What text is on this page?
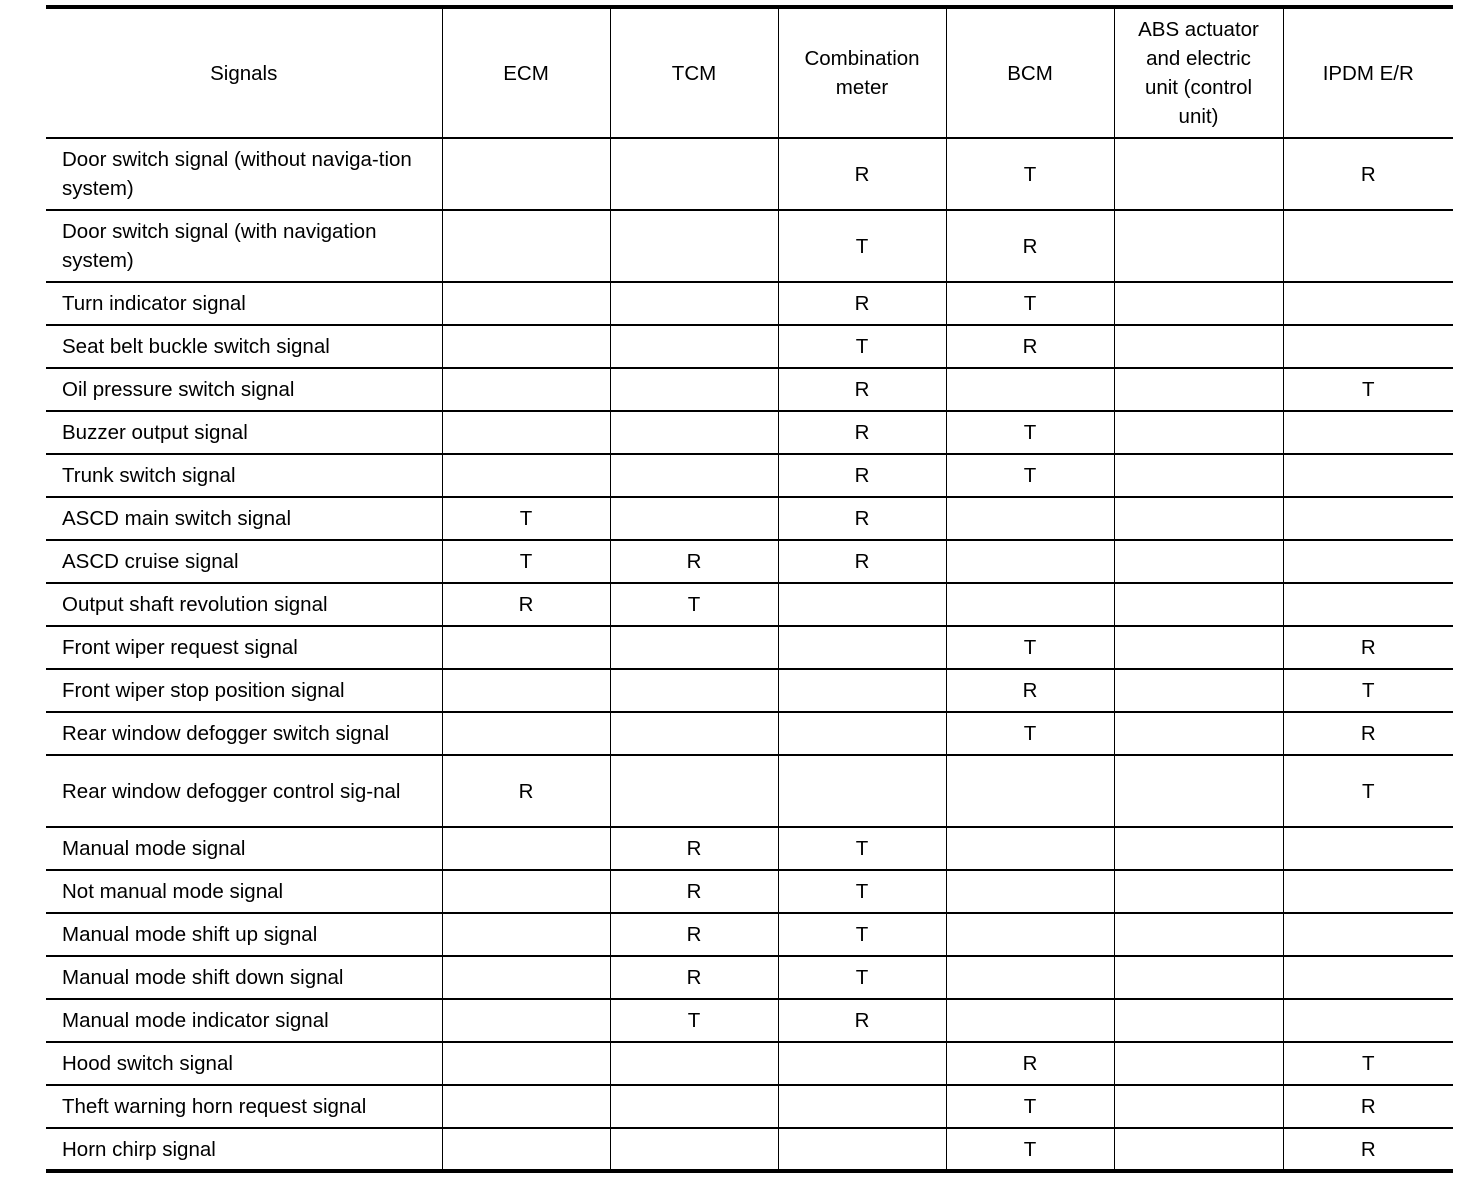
Signals	ECM	TCM	Combination meter	BCM	ABS actuator and electric unit (control unit)	IPDM E/R
Door switch signal (without naviga-tion system)			R	T		R
Door switch signal (with navigation system)			T	R		
Turn indicator signal			R	T		
Seat belt buckle switch signal			T	R		
Oil pressure switch signal			R			T
Buzzer output signal			R	T		
Trunk switch signal			R	T		
ASCD main switch signal	T		R			
ASCD cruise signal	T	R	R			
Output shaft revolution signal	R	T				
Front wiper request signal				T		R
Front wiper stop position signal				R		T
Rear window defogger switch signal				T		R
Rear window defogger control sig-nal	R					T
Manual mode signal		R	T			
Not manual mode signal		R	T			
Manual mode shift up signal		R	T			
Manual mode shift down signal		R	T			
Manual mode indicator signal		T	R			
Hood switch signal				R		T
Theft warning horn request signal				T		R
Horn chirp signal				T		R
